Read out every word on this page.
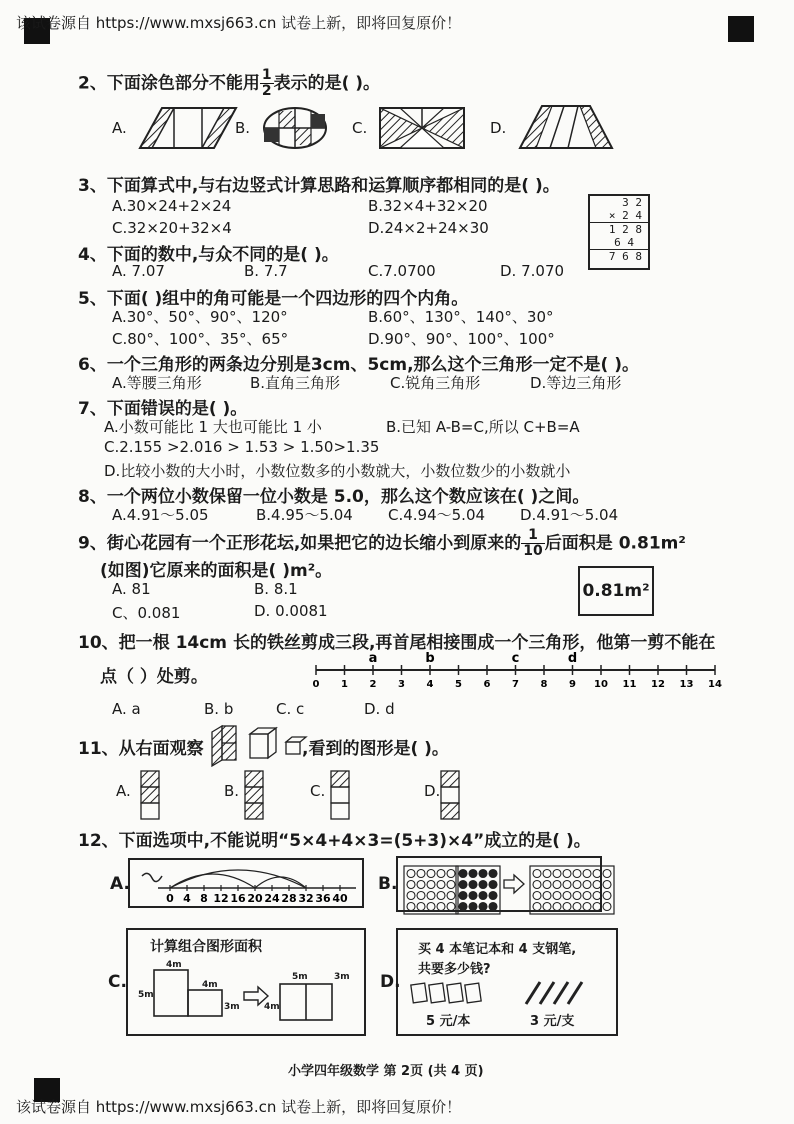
该试卷源自 https://www.mxsj663.cn 试卷上新，即将回复原价！
2、下面涂色部分不能用 $\frac{1}{2}$ 表示的是( )。
A.	B.	C.	D.
3、下面算式中,与右边竖式计算思路和运算顺序都相同的是( )。
A.30×24+2×24	B.32×4+32×20
C.32×20+32×4	D.24×2+24×30
3 2
× 2 4
1 2 8
6 4
7 6 8
4、下面的数中,与众不同的是( )。
A. 7.07	B. 7.7	C.7.0700	D. 7.070
5、下面( )组中的角可能是一个四边形的四个内角。
A.30°、50°、90°、120°	B.60°、130°、140°、30°
C.80°、100°、35°、65°	D.90°、90°、100°、100°
6、一个三角形的两条边分别是3cm、5cm,那么这个三角形一定不是( )。
A.等腰三角形	B.直角三角形	C.锐角三角形	D.等边三角形
7、下面错误的是( )。
A.小数可能比 1 大也可能比 1 小	B.已知 A-B=C,所以 C+B=A
C.2.155 >2.016 > 1.53 > 1.50>1.35
D.比较小数的大小时，小数位数多的小数就大，小数位数少的小数就小
8、一个两位小数保留一位小数是 5.0，那么这个数应该在( )之间。
A.4.91～5.05	B.4.95～5.04 C.4.94～5.04 D.4.91～5.04
9、街心花园有一个正形花坛,如果把它的边长缩小到原来的 $\frac{1}{10}$ 后面积是 0.81m²
(如图)它原来的面积是( )m²。
A. 81	B. 8.1
C、0.081	D. 0.0081
0.81m²
10、把一根 14cm 长的铁丝剪成三段,再首尾相接围成一个三角形，他第一剪不能在
点（ ）处剪。	0 1 2 3 4 5 6 7 8 9 10 11 12 13 14
a	b	c	d
A. a	B. b	C. c	D. d
11、从右面观察	,看到的图形是( )。
A.	B.	C.	D.
12、下面选项中,不能说明“5×4+4×3=(5+3)×4”成立的是( )。
A.
0 4 8 12 16 20 24 28 32 36 40
B.
计算组合图形面积
C.
4m
5m
4m
3m
5m	3m
4m
买 4 本笔记本和 4 支钢笔,
共要多少钱?
5 元/本	3 元/支
D.
小学四年级数学 第 2页 (共 4 页)
该试卷源自 https://www.mxsj663.cn 试卷上新，即将回复原价！
